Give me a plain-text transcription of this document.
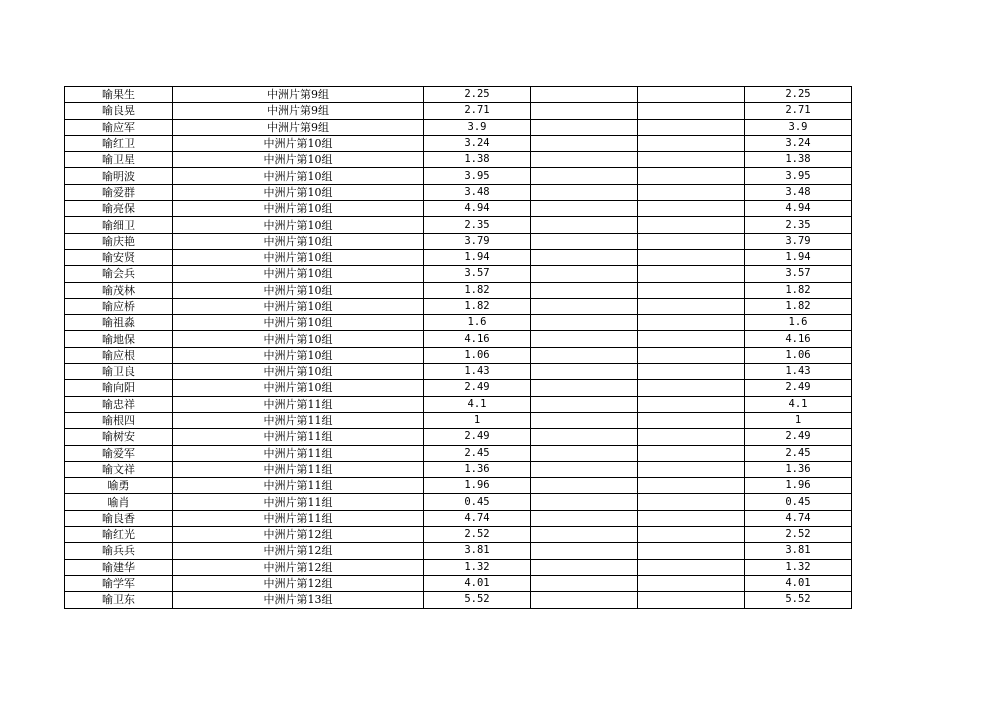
喻果生	中洲片第9组	2.25			2.25
喻良晃	中洲片第9组	2.71			2.71
喻应军	中洲片第9组	3.9			3.9
喻红卫	中洲片第10组	3.24			3.24
喻卫星	中洲片第10组	1.38			1.38
喻明波	中洲片第10组	3.95			3.95
喻爱群	中洲片第10组	3.48			3.48
喻亮保	中洲片第10组	4.94			4.94
喻细卫	中洲片第10组	2.35			2.35
喻庆艳	中洲片第10组	3.79			3.79
喻安贤	中洲片第10组	1.94			1.94
喻会兵	中洲片第10组	3.57			3.57
喻茂林	中洲片第10组	1.82			1.82
喻应桥	中洲片第10组	1.82			1.82
喻祖淼	中洲片第10组	1.6			1.6
喻地保	中洲片第10组	4.16			4.16
喻应根	中洲片第10组	1.06			1.06
喻卫良	中洲片第10组	1.43			1.43
喻向阳	中洲片第10组	2.49			2.49
喻忠祥	中洲片第11组	4.1			4.1
喻根四	中洲片第11组	1			1
喻树安	中洲片第11组	2.49			2.49
喻爱军	中洲片第11组	2.45			2.45
喻文祥	中洲片第11组	1.36			1.36
喻勇	中洲片第11组	1.96			1.96
喻肖	中洲片第11组	0.45			0.45
喻良香	中洲片第11组	4.74			4.74
喻红光	中洲片第12组	2.52			2.52
喻兵兵	中洲片第12组	3.81			3.81
喻建华	中洲片第12组	1.32			1.32
喻学军	中洲片第12组	4.01			4.01
喻卫东	中洲片第13组	5.52			5.52
